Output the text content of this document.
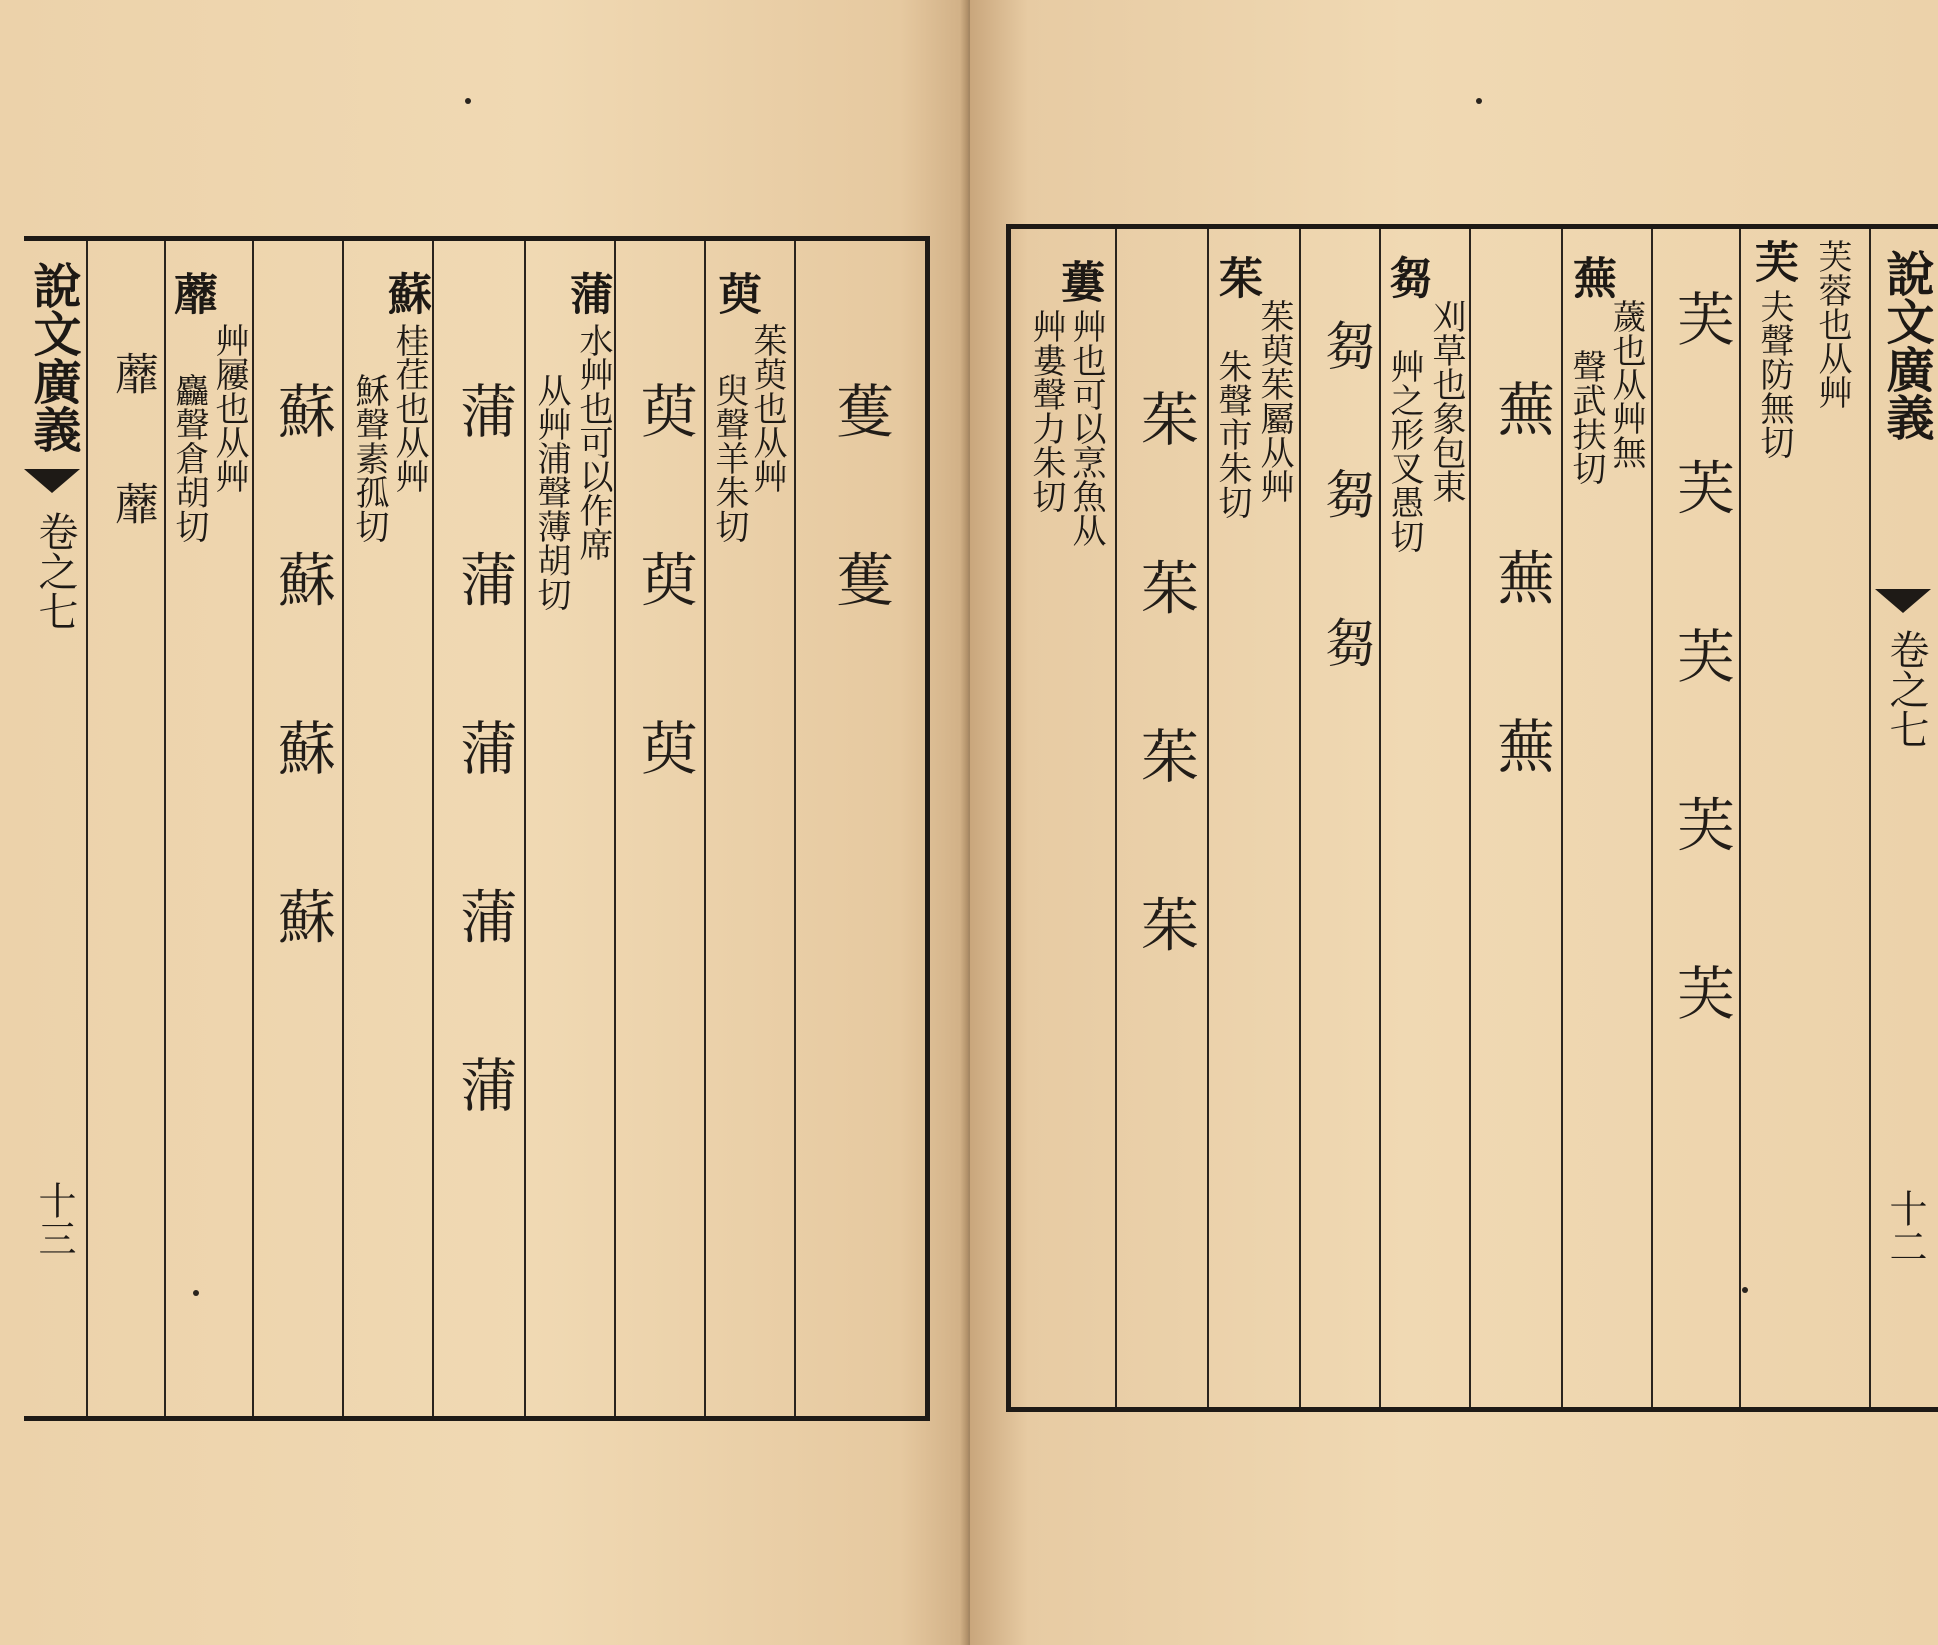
說文廣義
卷之七
十三
蒦 蒦
萸
茱萸也从艸
臾聲羊朱切
萸 萸 萸
蒲
水艸也可以作席
从艸浦聲薄胡切
蒲 蒲 蒲 蒲 蒲
蘇
桂荏也从艸
穌聲素孤切
蘇 蘇 蘇 蘇
蘼
艸屨也从艸
麤聲倉胡切
蘼 蘼
說文廣義
卷之七
十二
芙 芙蓉也从艸
夫聲防無切
芙 芙 芙 芙 芙
蕪
薉也从艸無
聲武扶切
蕪 蕪 蕪
芻
刈草也象包束
艸之形叉愚切
芻 芻 芻
茱
茱萸茱屬从艸
朱聲市朱切
茱 茱 茱 茱
蔞
艸也可以烹魚从
艸婁聲力朱切
